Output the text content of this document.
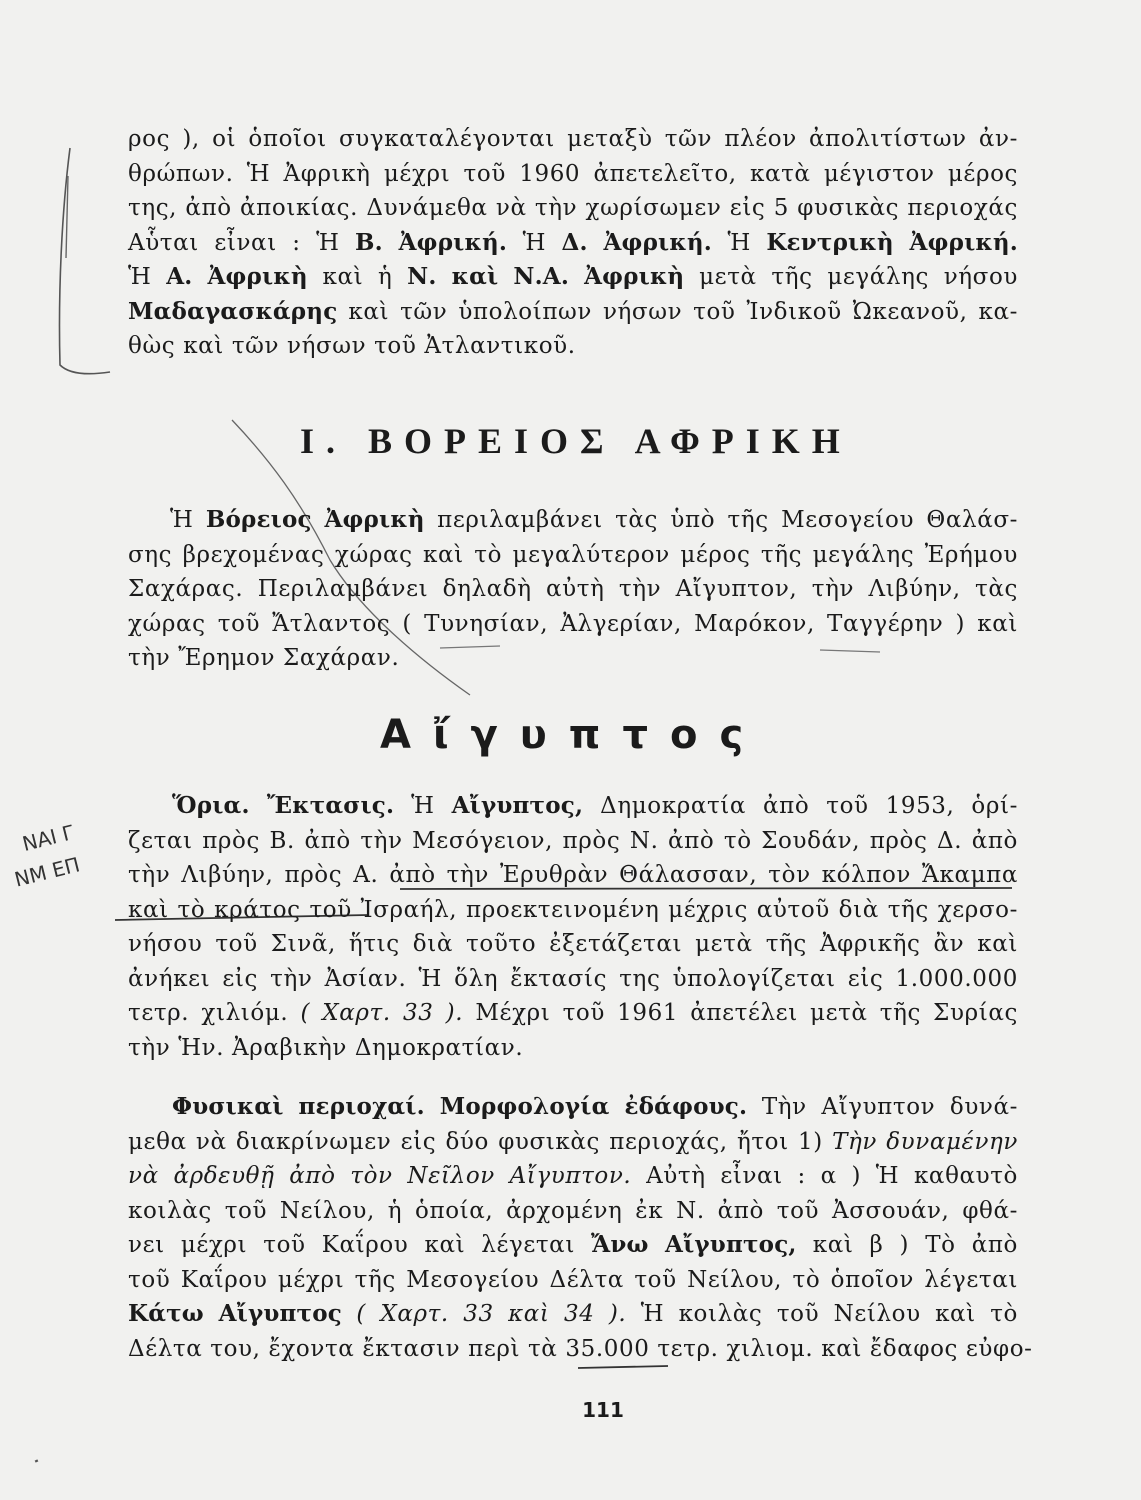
ΝΑΙ Γ
ΝΜ ΕΠ
ρος ), οἱ ὁποῖοι συγκαταλέγονται μεταξὺ τῶν πλέον ἀπολιτίστων ἀν-
θρώπων. Ἡ Ἀφρικὴ μέχρι τοῦ 1960 ἀπετελεῖτο, κατὰ μέγιστον μέρος
της, ἀπὸ ἀποικίας. Δυνάμεθα νὰ τὴν χωρίσωμεν εἰς 5 φυσικὰς περιοχάς
Αὗται εἶναι : Ἡ Β. Ἀφρική. Ἡ Δ. Ἀφρική. Ἡ Κεντρικὴ Ἀφρική.
Ἡ Α. Ἀφρικὴ καὶ ἡ Ν. καὶ Ν.Α. Ἀφρικὴ μετὰ τῆς μεγάλης νήσου
Μαδαγασκάρης καὶ τῶν ὑπολοίπων νήσων τοῦ Ἰνδικοῦ Ὠκεανοῦ, κα-
θὼς καὶ τῶν νήσων τοῦ Ἀτλαντικοῦ.
Ι. ΒΟΡΕΙΟΣ ΑΦΡΙΚΗ
Ἡ Βόρειος Ἀφρικὴ περιλαμβάνει τὰς ὑπὸ τῆς Μεσογείου Θαλάσ-
σης βρεχομένας χώρας καὶ τὸ μεγαλύτερον μέρος τῆς μεγάλης Ἐρήμου
Σαχάρας. Περιλαμβάνει δηλαδὴ αὐτὴ τὴν Αἴγυπτον, τὴν Λιβύην, τὰς
χώρας τοῦ Ἄτλαντος ( Τυνησίαν, Ἀλγερίαν, Μαρόκον, Ταγγέρην ) καὶ
τὴν Ἔρημον Σαχάραν.
Αἴγυπτος
Ὅρια. Ἔκτασις. Ἡ Αἴγυπτος, Δημοκρατία ἀπὸ τοῦ 1953, ὁρί-
ζεται πρὸς Β. ἀπὸ τὴν Μεσόγειον, πρὸς Ν. ἀπὸ τὸ Σουδάν, πρὸς Δ. ἀπὸ
τὴν Λιβύην, πρὸς Α. ἀπὸ τὴν Ἐρυθρὰν Θάλασσαν, τὸν κόλπον Ἄκαμπα
καὶ τὸ κράτος τοῦ Ἰσραήλ, προεκτεινομένη μέχρις αὐτοῦ διὰ τῆς χερσο-
νήσου τοῦ Σινᾶ, ἥτις διὰ τοῦτο ἐξετάζεται μετὰ τῆς Ἀφρικῆς ἂν καὶ
ἀνήκει εἰς τὴν Ἀσίαν. Ἡ ὅλη ἔκτασίς της ὑπολογίζεται εἰς 1.000.000
τετρ. χιλιόμ. ( Χαρτ. 33 ). Μέχρι τοῦ 1961 ἀπετέλει μετὰ τῆς Συρίας
τὴν Ἡν. Ἀραβικὴν Δημοκρατίαν.
Φυσικαὶ περιοχαί. Μορφολογία ἐδάφους. Τὴν Αἴγυπτον δυνά-
μεθα νὰ διακρίνωμεν εἰς δύο φυσικὰς περιοχάς, ἤτοι 1) Τὴν δυναμένην
νὰ ἀρδευθῇ ἀπὸ τὸν Νεῖλον Αἴγυπτον. Αὐτὴ εἶναι : α ) Ἡ καθαυτὸ
κοιλὰς τοῦ Νείλου, ἡ ὁποία, ἀρχομένη ἐκ Ν. ἀπὸ τοῦ Ἀσσουάν, φθά-
νει μέχρι τοῦ Καΐρου καὶ λέγεται Ἄνω Αἴγυπτος, καὶ β ) Τὸ ἀπὸ
τοῦ Καΐρου μέχρι τῆς Μεσογείου Δέλτα τοῦ Νείλου, τὸ ὁποῖον λέγεται
Κάτω Αἴγυπτος ( Χαρτ. 33 καὶ 34 ). Ἡ κοιλὰς τοῦ Νείλου καὶ τὸ
Δέλτα του, ἔχοντα ἔκτασιν περὶ τὰ 35.000 τετρ. χιλιομ. καὶ ἔδαφος εὐφο-
111
